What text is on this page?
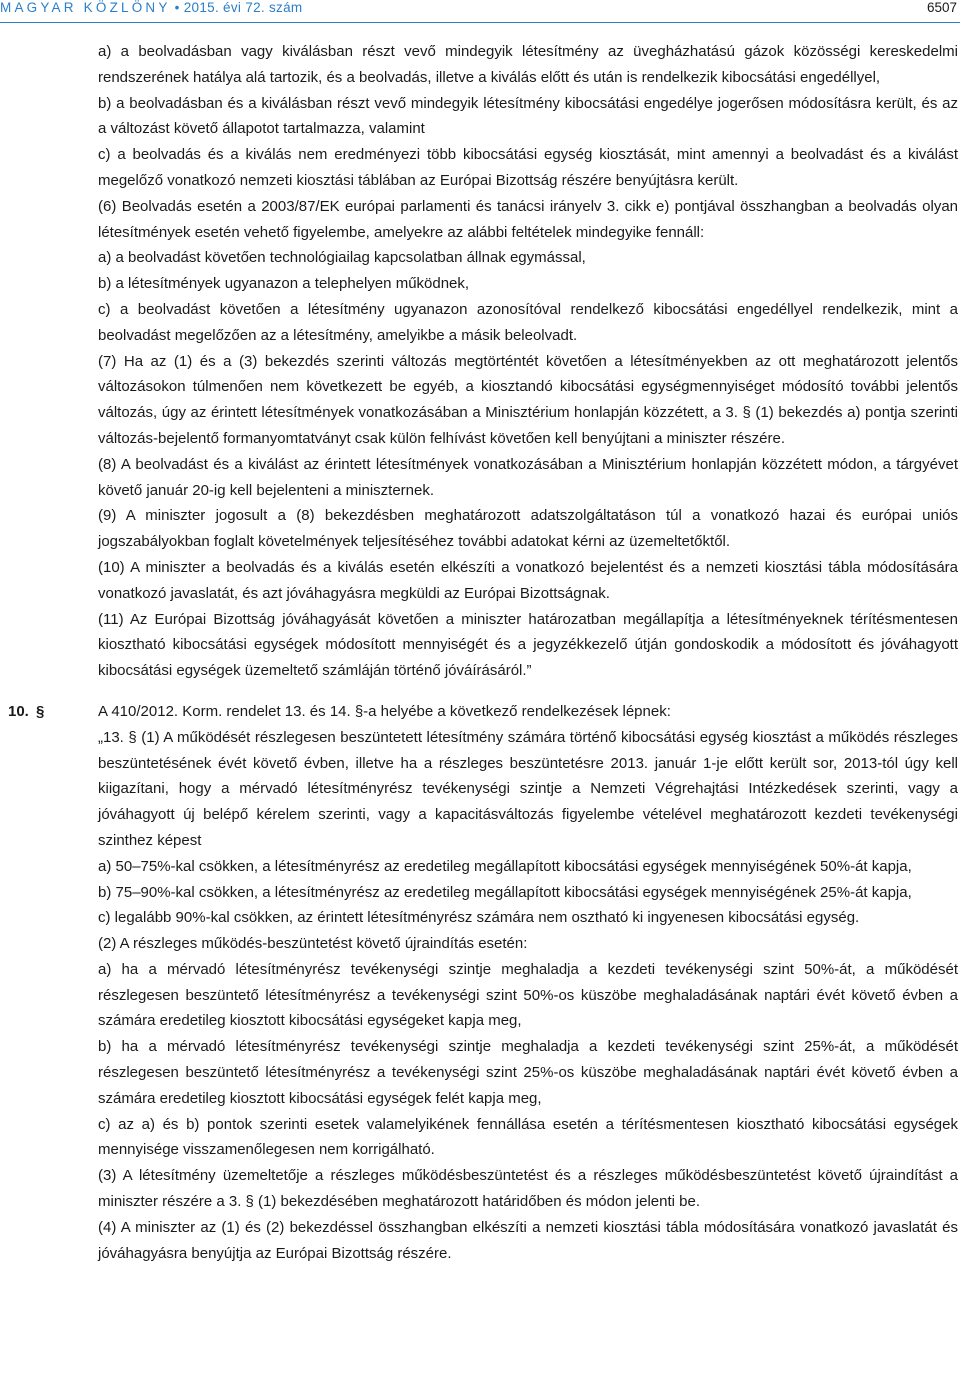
MAGYAR KÖZLÖNY • 2015. évi 72. szám	6507

a) a beolvadásban vagy kiválásban részt vevő mindegyik létesítmény az üvegházhatású gázok közösségi kereskedelmi rendszerének hatálya alá tartozik, és a beolvadás, illetve a kiválás előtt és után is rendelkezik kibocsátási engedéllyel,

b) a beolvadásban és a kiválásban részt vevő mindegyik létesítmény kibocsátási engedélye jogerősen módosításra került, és az a változást követő állapotot tartalmazza, valamint

c) a beolvadás és a kiválás nem eredményezi több kibocsátási egység kiosztását, mint amennyi a beolvadást és a kiválást megelőző vonatkozó nemzeti kiosztási táblában az Európai Bizottság részére benyújtásra került.

(6) Beolvadás esetén a 2003/87/EK európai parlamenti és tanácsi irányelv 3. cikk e) pontjával összhangban a beolvadás olyan létesítmények esetén vehető figyelembe, amelyekre az alábbi feltételek mindegyike fennáll:

a) a beolvadást követően technológiailag kapcsolatban állnak egymással,

b) a létesítmények ugyanazon a telephelyen működnek,

c) a beolvadást követően a létesítmény ugyanazon azonosítóval rendelkező kibocsátási engedéllyel rendelkezik, mint a beolvadást megelőzően az a létesítmény, amelyikbe a másik beleolvadt.

(7) Ha az (1) és a (3) bekezdés szerinti változás megtörténtét követően a létesítményekben az ott meghatározott jelentős változásokon túlmenően nem következett be egyéb, a kiosztandó kibocsátási egységmennyiséget módosító további jelentős változás, úgy az érintett létesítmények vonatkozásában a Minisztérium honlapján közzétett, a 3. § (1) bekezdés a) pontja szerinti változás-bejelentő formanyomtatványt csak külön felhívást követően kell benyújtani a miniszter részére.

(8) A beolvadást és a kiválást az érintett létesítmények vonatkozásában a Minisztérium honlapján közzétett módon, a tárgyévet követő január 20-ig kell bejelenteni a miniszternek.

(9) A miniszter jogosult a (8) bekezdésben meghatározott adatszolgáltatáson túl a vonatkozó hazai és európai uniós jogszabályokban foglalt követelmények teljesítéséhez további adatokat kérni az üzemeltetőktől.

(10) A miniszter a beolvadás és a kiválás esetén elkészíti a vonatkozó bejelentést és a nemzeti kiosztási tábla módosítására vonatkozó javaslatát, és azt jóváhagyásra megküldi az Európai Bizottságnak.

(11) Az Európai Bizottság jóváhagyását követően a miniszter határozatban megállapítja a létesítményeknek térítésmentesen kiosztható kibocsátási egységek módosított mennyiségét és a jegyzékkezelő útján gondoskodik a módosított és jóváhagyott kibocsátási egységek üzemeltető számláján történő jóváírásáról.”

10. §	A 410/2012. Korm. rendelet 13. és 14. §-a helyébe a következő rendelkezések lépnek:

„13. § (1) A működését részlegesen beszüntetett létesítmény számára történő kibocsátási egység kiosztást a működés részleges beszüntetésének évét követő évben, illetve ha a részleges beszüntetésre 2013. január 1-je előtt került sor, 2013-tól úgy kell kiigazítani, hogy a mérvadó létesítményrész tevékenységi szintje a Nemzeti Végrehajtási Intézkedések szerinti, vagy a jóváhagyott új belépő kérelem szerinti, vagy a kapacitásváltozás figyelembe vételével meghatározott kezdeti tevékenységi szinthez képest

a) 50–75%-kal csökken, a létesítményrész az eredetileg megállapított kibocsátási egységek mennyiségének 50%-át kapja,

b) 75–90%-kal csökken, a létesítményrész az eredetileg megállapított kibocsátási egységek mennyiségének 25%-át kapja,

c) legalább 90%-kal csökken, az érintett létesítményrész számára nem osztható ki ingyenesen kibocsátási egység.

(2) A részleges működés-beszüntetést követő újraindítás esetén:

a) ha a mérvadó létesítményrész tevékenységi szintje meghaladja a kezdeti tevékenységi szint 50%-át, a működését részlegesen beszüntető létesítményrész a tevékenységi szint 50%-os küszöbe meghaladásának naptári évét követő évben a számára eredetileg kiosztott kibocsátási egységeket kapja meg,

b) ha a mérvadó létesítményrész tevékenységi szintje meghaladja a kezdeti tevékenységi szint 25%-át, a működését részlegesen beszüntető létesítményrész a tevékenységi szint 25%-os küszöbe meghaladásának naptári évét követő évben a számára eredetileg kiosztott kibocsátási egységek felét kapja meg,

c) az a) és b) pontok szerinti esetek valamelyikének fennállása esetén a térítésmentesen kiosztható kibocsátási egységek mennyisége visszamenőlegesen nem korrigálható.

(3) A létesítmény üzemeltetője a részleges működésbeszüntetést és a részleges működésbeszüntetést követő újraindítást a miniszter részére a 3. § (1) bekezdésében meghatározott határidőben és módon jelenti be.

(4) A miniszter az (1) és (2) bekezdéssel összhangban elkészíti a nemzeti kiosztási tábla módosítására vonatkozó javaslatát és jóváhagyásra benyújtja az Európai Bizottság részére.
